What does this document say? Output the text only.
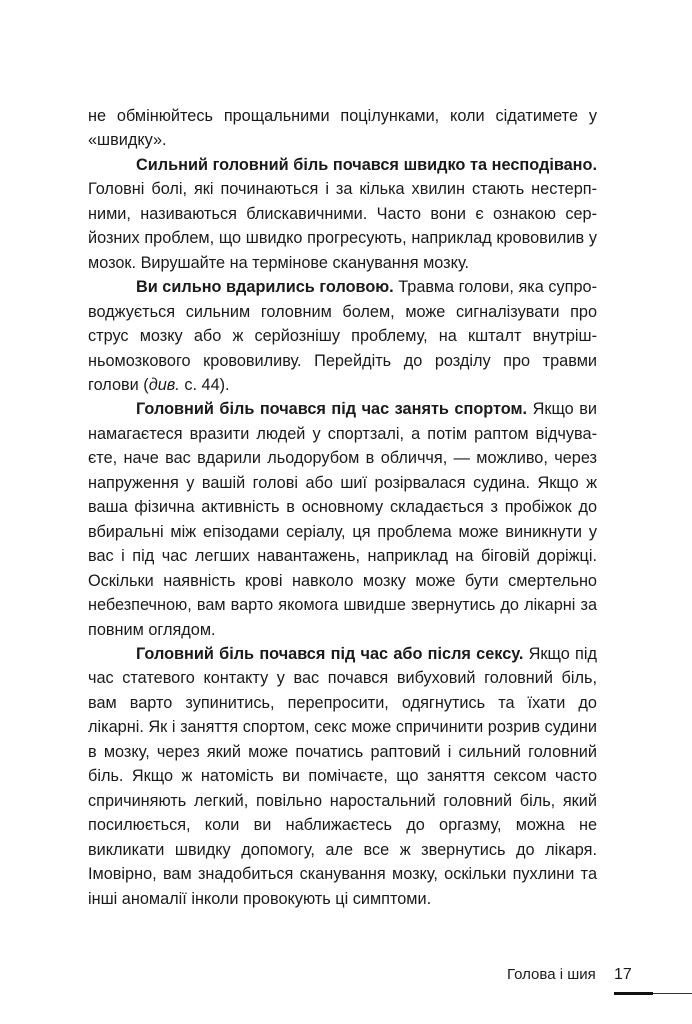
не обмінюйтесь прощальними поцілунками, коли сідатимете у «швидку».

Сильний головний біль почався швидко та несподівано. Головні болі, які починаються і за кілька хвилин стають нестерпними, називаються блискавичними. Часто вони є ознакою серйозних проблем, що швидко прогресують, наприклад крововилив у мозок. Вирушайте на термінове сканування мозку.

Ви сильно вдарились головою. Травма голови, яка супроводжується сильним головним болем, може сигналізувати про струс мозку або ж серйознішу проблему, на кшталт внутрішньомозкового крововиливу. Перейдіть до розділу про травми голови (див. с. 44).

Головний біль почався під час занять спортом. Якщо ви намагаєтеся вразити людей у спортзалі, а потім раптом відчуваєте, наче вас вдарили льодорубом в обличчя, — можливо, через напруження у вашій голові або шиї розірвалася судина. Якщо ж ваша фізична активність в основному складається з пробіжок до вбиральні між епізодами серіалу, ця проблема може виникнути у вас і під час легших навантажень, наприклад на біговій доріжці. Оскільки наявність крові навколо мозку може бути смертельно небезпечною, вам варто якомога швидше звернутись до лікарні за повним оглядом.

Головний біль почався під час або після сексу. Якщо під час статевого контакту у вас почався вибуховий головний біль, вам варто зупинитись, перепросити, одягнутись та їхати до лікарні. Як і заняття спортом, секс може спричинити розрив судини в мозку, через який може початись раптовий і сильний головний біль. Якщо ж натомість ви помічаєте, що заняття сексом часто спричиняють легкий, повільно наростальний головний біль, який посилюється, коли ви наближаєтесь до оргазму, можна не викликати швидку допомогу, але все ж звернутись до лікаря. Імовірно, вам знадобиться сканування мозку, оскільки пухлини та інші аномалії інколи провокують ці симптоми.

Голова і шия 17
